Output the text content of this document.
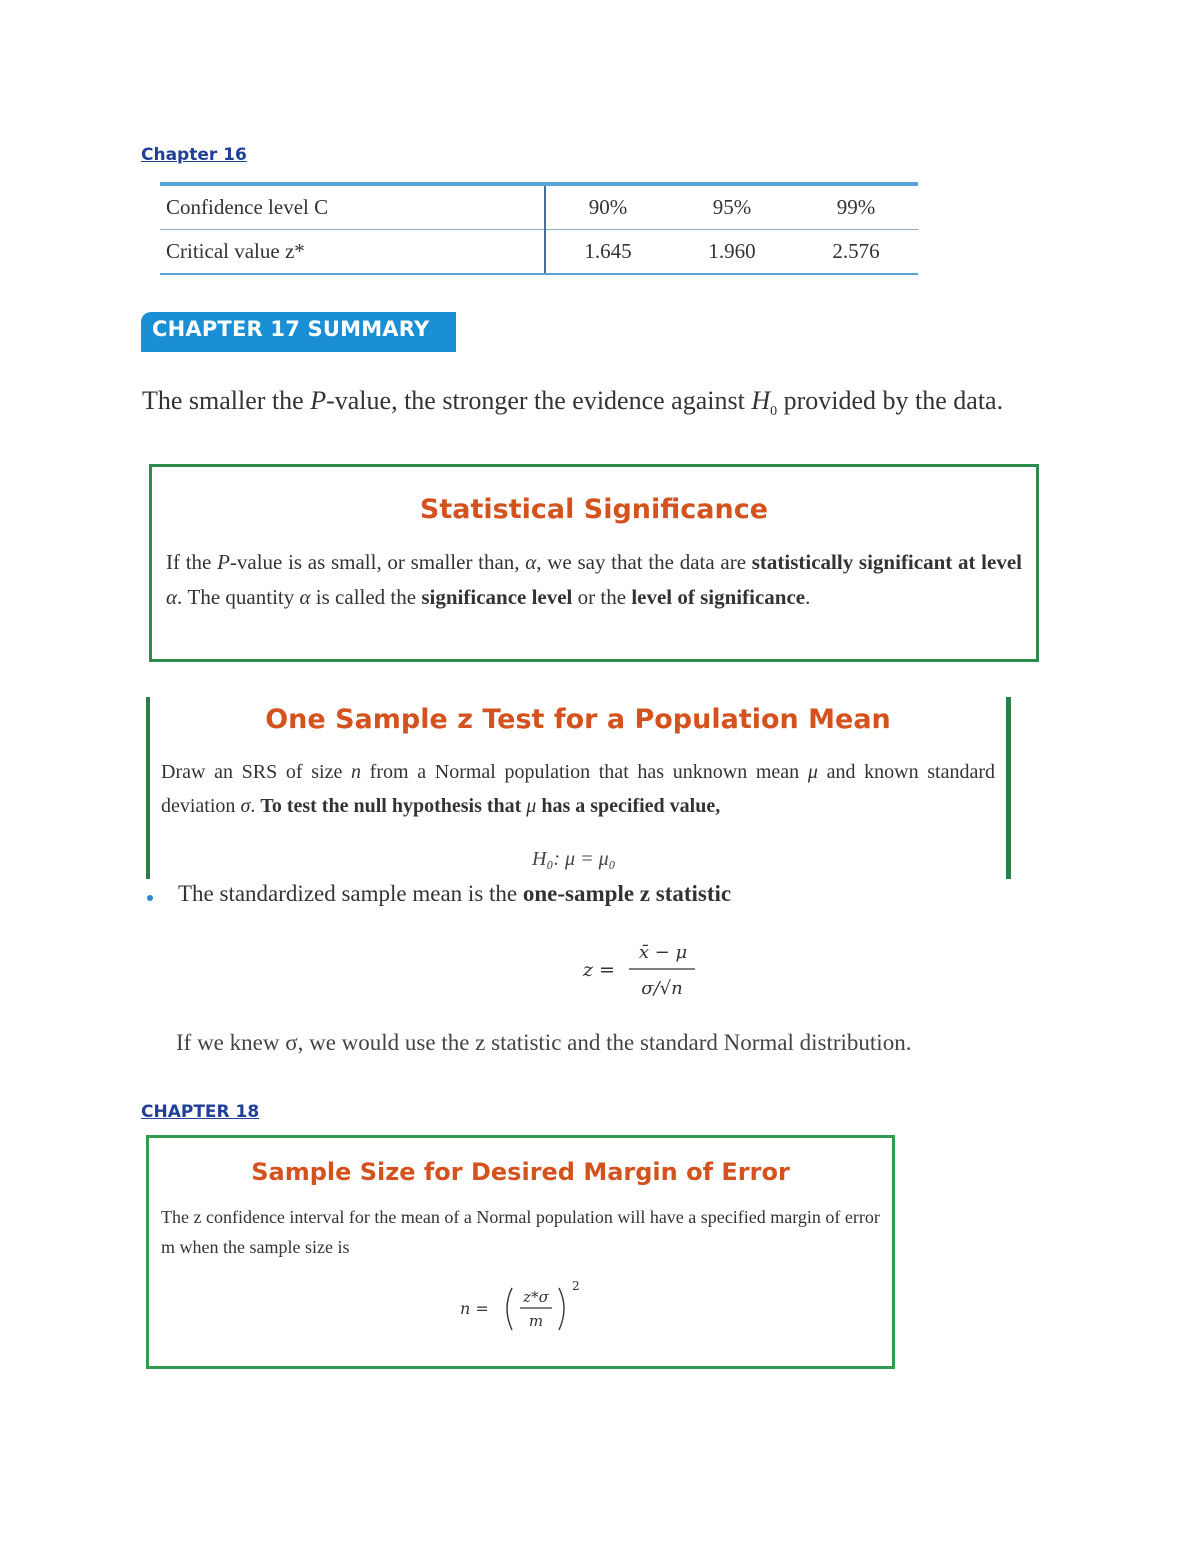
Chapter 16
Confidence level C	90%	95%	99%
Critical value z*	1.645	1.960	2.576
CHAPTER 17 SUMMARY
The smaller the P-value, the stronger the evidence against $H_0$ provided by the data.
Statistical Significance
If the P-value is as small, or smaller than, α, we say that the data are statistically significant at level α. The quantity α is called the significance level or the level of significance.
One Sample z Test for a Population Mean
Draw an SRS of size n from a Normal population that has unknown mean μ and known standard deviation σ. To test the null hypothesis that μ has a specified value,
H₀: μ = μ₀
The standardized sample mean is the one-sample z statistic
z =
x̄ − μ
σ/√n
If we knew σ, we would use the z statistic and the standard Normal distribution.
CHAPTER 18
Sample Size for Desired Margin of Error
The z confidence interval for the mean of a Normal population will have a specified margin of error m when the sample size is
n =
z*σ
m
2
